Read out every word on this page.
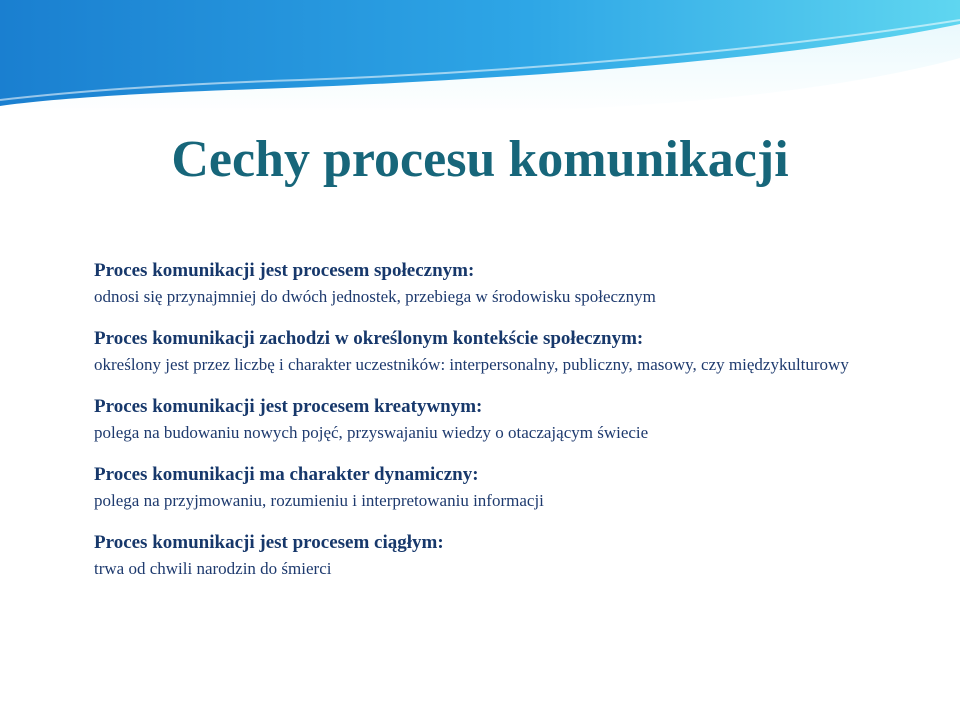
Cechy procesu komunikacji

Proces komunikacji jest procesem społecznym:

odnosi się przynajmniej do dwóch jednostek, przebiega w środowisku społecznym

Proces komunikacji zachodzi w określonym kontekście społecznym:

określony jest przez liczbę i charakter uczestników: interpersonalny, publiczny, masowy, czy międzykulturowy

Proces komunikacji jest procesem kreatywnym:

polega na budowaniu nowych pojęć, przyswajaniu wiedzy o otaczającym świecie

Proces komunikacji ma charakter dynamiczny:

polega na przyjmowaniu, rozumieniu i interpretowaniu informacji

Proces komunikacji jest procesem ciągłym:

trwa od chwili narodzin do śmierci
